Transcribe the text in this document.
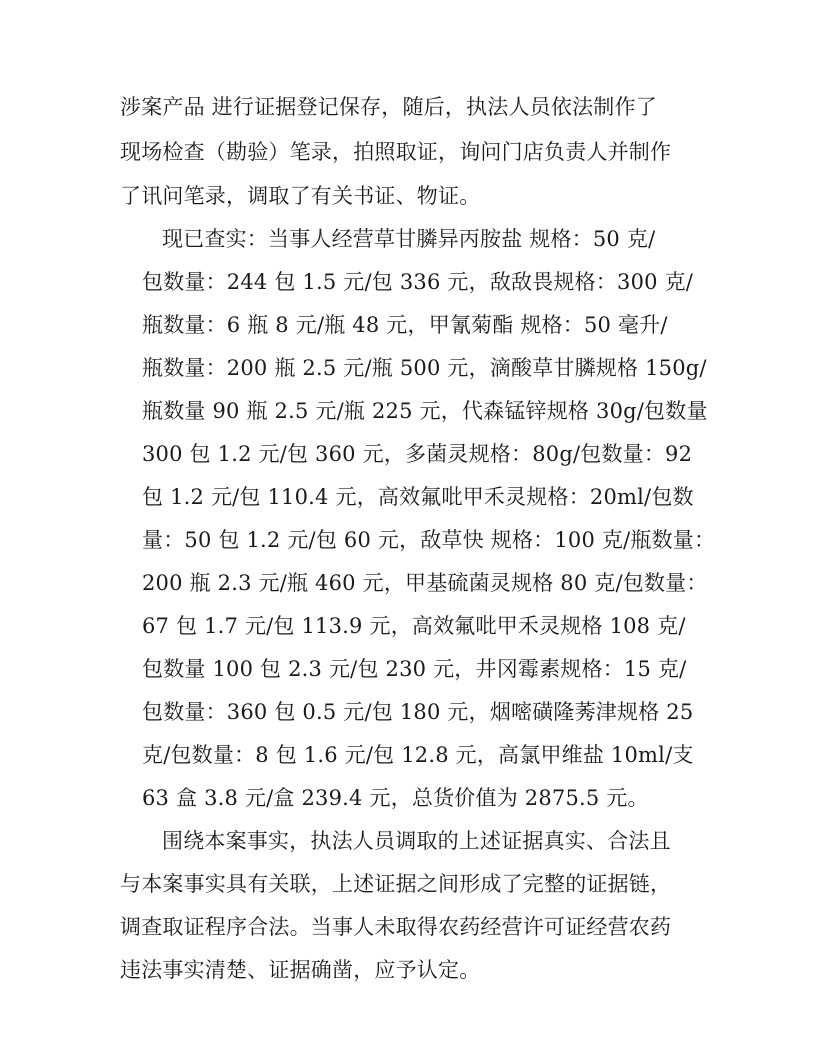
涉案产品 进行证据登记保存，随后，执法人员依法制作了
现场检查（勘验）笔录，拍照取证，询问门店负责人并制作
了讯问笔录，调取了有关书证、物证。
现已查实：当事人经营草甘膦异丙胺盐 规格：50 克/
包数量：244 包 1.5 元/包 336 元，敌敌畏规格：300 克/
瓶数量：6 瓶 8 元/瓶 48 元，甲氰菊酯 规格：50 毫升/
瓶数量：200 瓶 2.5 元/瓶 500 元，滴酸草甘膦规格 150g/
瓶数量 90 瓶 2.5 元/瓶 225 元，代森锰锌规格 30g/包数量
300 包 1.2 元/包 360 元，多菌灵规格：80g/包数量：92
包 1.2 元/包 110.4 元，高效氟吡甲禾灵规格：20ml/包数
量：50 包 1.2 元/包 60 元，敌草快 规格：100 克/瓶数量：
200 瓶 2.3 元/瓶 460 元，甲基硫菌灵规格 80 克/包数量：
67 包 1.7 元/包 113.9 元，高效氟吡甲禾灵规格 108 克/
包数量 100 包 2.3 元/包 230 元，井冈霉素规格：15 克/
包数量：360 包 0.5 元/包 180 元，烟嘧磺隆莠津规格 25
克/包数量：8 包 1.6 元/包 12.8 元，高氯甲维盐 10ml/支
63 盒 3.8 元/盒 239.4 元，总货价值为 2875.5 元。
围绕本案事实，执法人员调取的上述证据真实、合法且
与本案事实具有关联，上述证据之间形成了完整的证据链，
调查取证程序合法。当事人未取得农药经营许可证经营农药
违法事实清楚、证据确凿，应予认定。
